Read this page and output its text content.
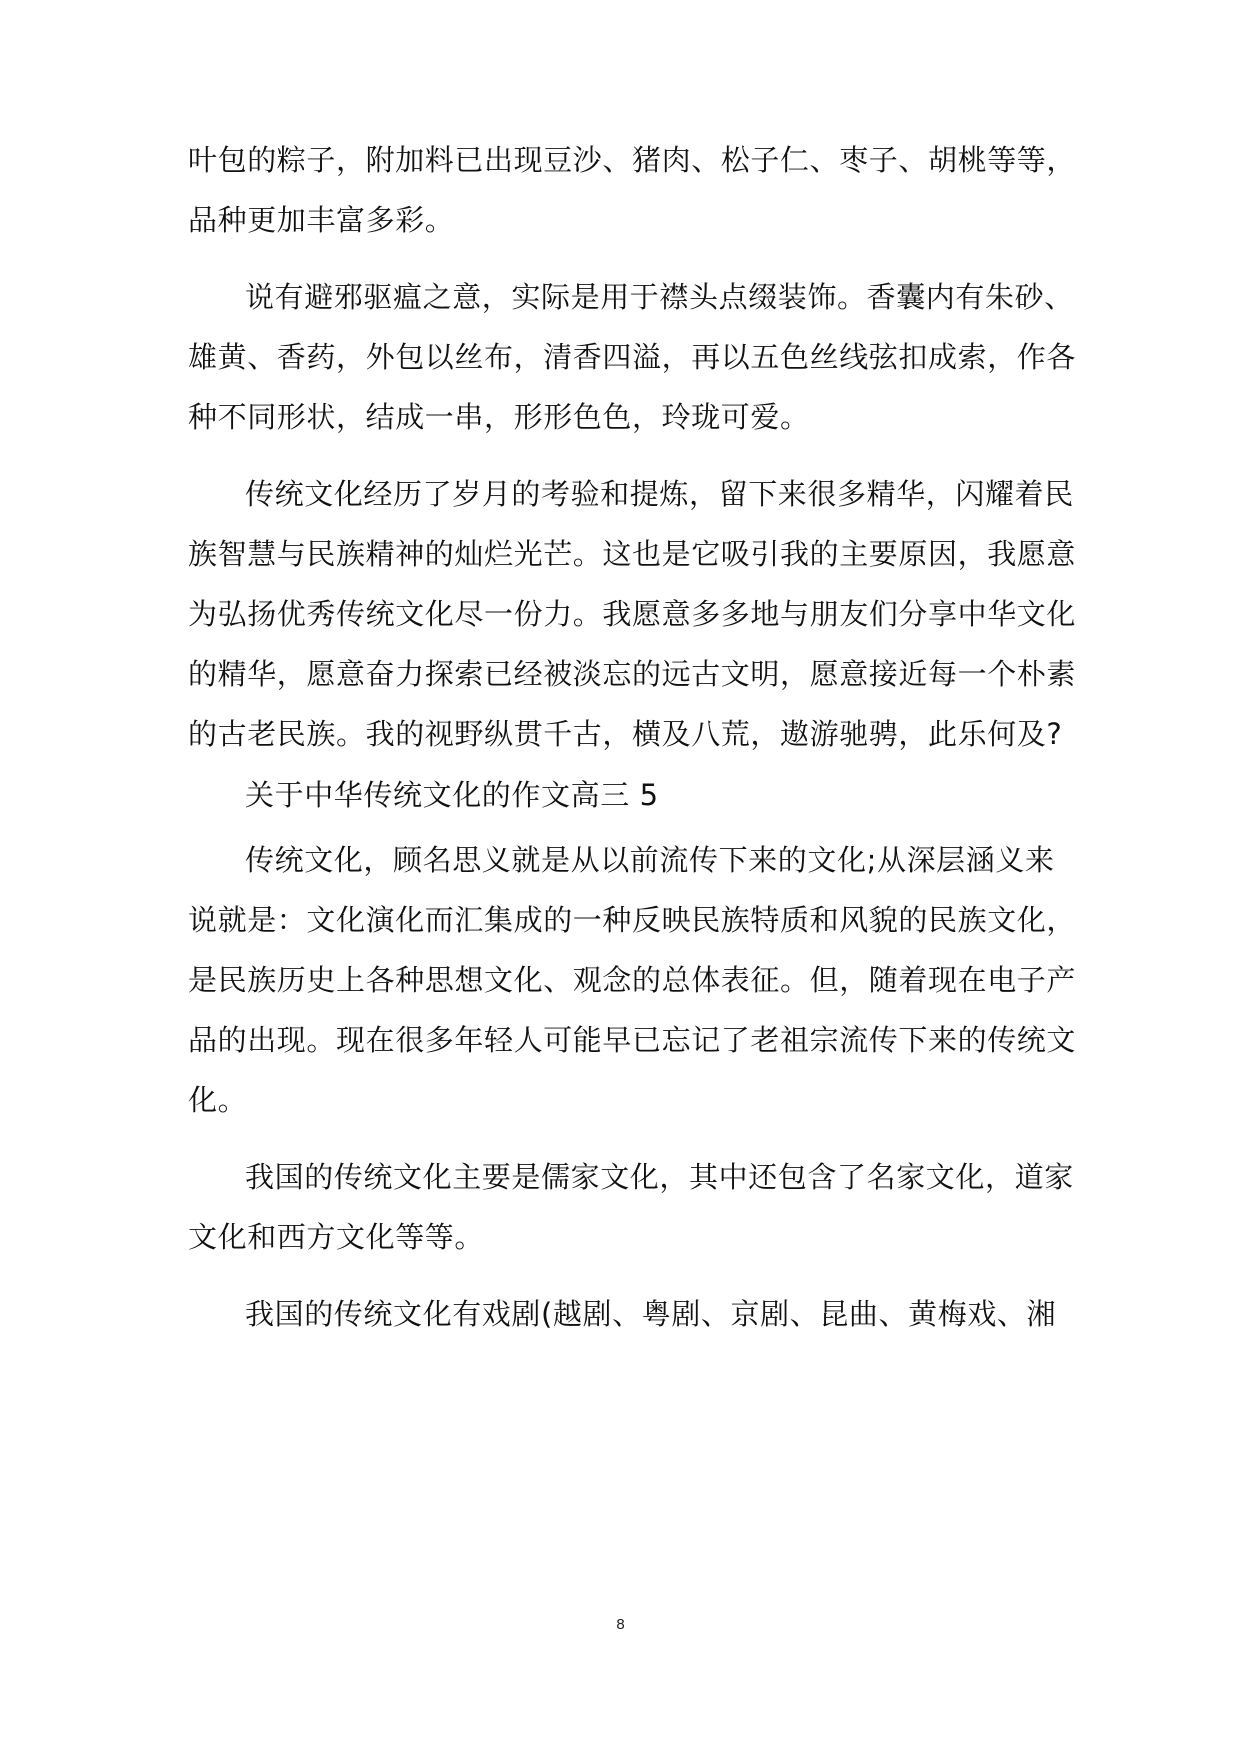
叶包的粽子，附加料已出现豆沙、猪肉、松子仁、枣子、胡桃等等，
品种更加丰富多彩。
说有避邪驱瘟之意，实际是用于襟头点缀装饰。香囊内有朱砂、
雄黄、香药，外包以丝布，清香四溢，再以五色丝线弦扣成索，作各
种不同形状，结成一串，形形色色，玲珑可爱。
传统文化经历了岁月的考验和提炼，留下来很多精华，闪耀着民
族智慧与民族精神的灿烂光芒。这也是它吸引我的主要原因，我愿意
为弘扬优秀传统文化尽一份力。我愿意多多地与朋友们分享中华文化
的精华，愿意奋力探索已经被淡忘的远古文明，愿意接近每一个朴素
的古老民族。我的视野纵贯千古，横及八荒，遨游驰骋，此乐何及?
关于中华传统文化的作文高三 5
传统文化，顾名思义就是从以前流传下来的文化;从深层涵义来
说就是：文化演化而汇集成的一种反映民族特质和风貌的民族文化，
是民族历史上各种思想文化、观念的总体表征。但，随着现在电子产
品的出现。现在很多年轻人可能早已忘记了老祖宗流传下来的传统文
化。
我国的传统文化主要是儒家文化，其中还包含了名家文化，道家
文化和西方文化等等。
我国的传统文化有戏剧(越剧、粤剧、京剧、昆曲、黄梅戏、湘
8
